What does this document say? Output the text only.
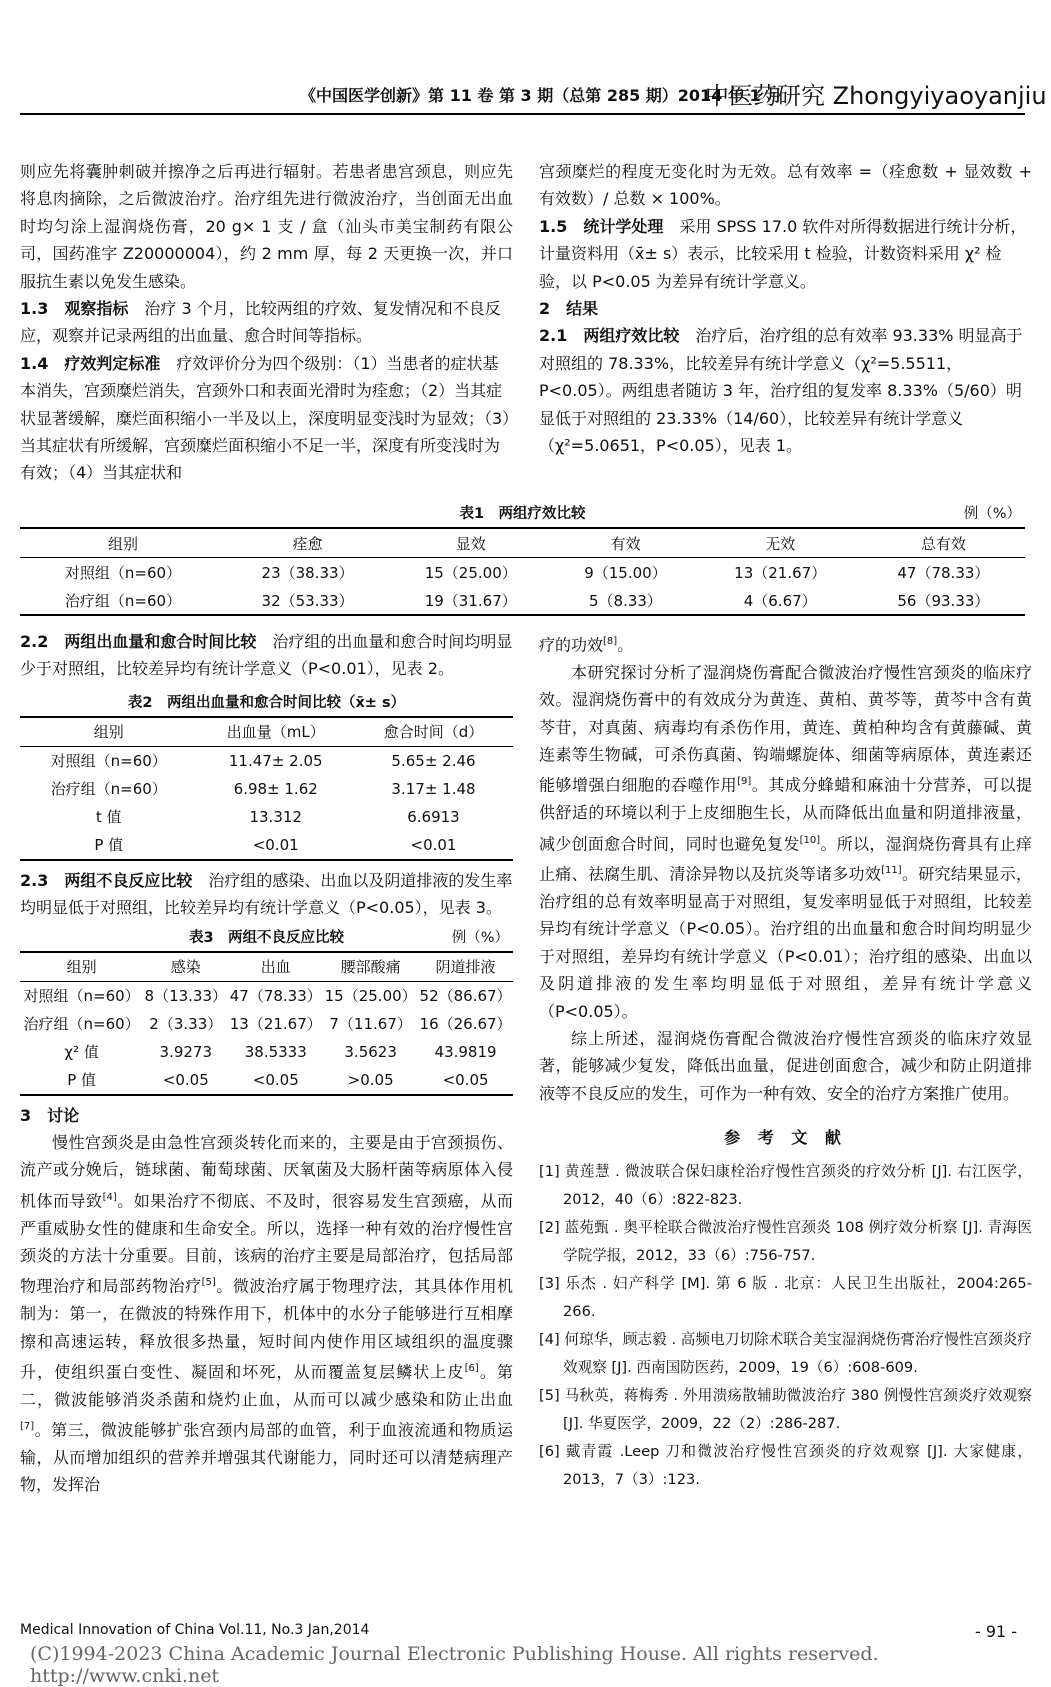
《中国医学创新》第 11 卷 第 3 期（总第 285 期）2014 年 1 月
中医药研究 Zhongyiyaoyanjiu

则应先将囊肿刺破并擦净之后再进行辐射。若患者患宫颈息，则应先将息肉摘除，之后微波治疗。治疗组先进行微波治疗，当创面无出血时均匀涂上湿润烧伤膏，20 g× 1 支 / 盒（汕头市美宝制药有限公司，国药准字 Z20000004），约 2 mm 厚，每 2 天更换一次，并口服抗生素以免发生感染。

1.3　观察指标　治疗 3 个月，比较两组的疗效、复发情况和不良反应，观察并记录两组的出血量、愈合时间等指标。
1.4　疗效判定标准　疗效评价分为四个级别：（1）当患者的症状基本消失，宫颈糜烂消失，宫颈外口和表面光滑时为痊愈；（2）当其症状显著缓解，糜烂面积缩小一半及以上，深度明显变浅时为显效；（3）当其症状有所缓解，宫颈糜烂面积缩小不足一半，深度有所变浅时为有效；（4）当其症状和

宫颈糜烂的程度无变化时为无效。总有效率 =（痊愈数 + 显效数 + 有效数）/ 总数 × 100%。

1.5　统计学处理　采用 SPSS 17.0 软件对所得数据进行统计分析，计量资料用（x̄± s）表示，比较采用 t 检验，计数资料采用 χ² 检验，以 P<0.05 为差异有统计学意义。
2　结果
2.1　两组疗效比较　治疗后，治疗组的总有效率 93.33% 明显高于对照组的 78.33%，比较差异有统计学意义（χ²=5.5511，P<0.05）。两组患者随访 3 年，治疗组的复发率 8.33%（5/60）明显低于对照组的 23.33%（14/60），比较差异有统计学意义（χ²=5.0651，P<0.05），见表 1。
表1　两组疗效比较	例（%）
组别	痊愈	显效	有效	无效	总有效
对照组（n=60）	23（38.33）	15（25.00）	9（15.00）	13（21.67）	47（78.33）
治疗组（n=60）	32（53.33）	19（31.67）	5（8.33）	4（6.67）	56（93.33）
2.2　两组出血量和愈合时间比较　治疗组的出血量和愈合时间均明显少于对照组，比较差异均有统计学意义（P<0.01），见表 2。
表2　两组出血量和愈合时间比较（x̄± s）
组别	出血量（mL）	愈合时间（d）
对照组（n=60）	11.47± 2.05	5.65± 2.46
治疗组（n=60）	6.98± 1.62	3.17± 1.48
t 值	13.312	6.6913
P 值	<0.01	<0.01
2.3　两组不良反应比较　治疗组的感染、出血以及阴道排液的发生率均明显低于对照组，比较差异均有统计学意义（P<0.05），见表 3。
表3　两组不良反应比较	例（%）
组别	感染	出血	腰部酸痛	阴道排液
对照组（n=60）	8（13.33）	47（78.33）	15（25.00）	52（86.67）
治疗组（n=60）	2（3.33）	13（21.67）	7（11.67）	16（26.67）
χ² 值	3.9273	38.5333	3.5623	43.9819
P 值	<0.05	<0.05	>0.05	<0.05
3　讨论

慢性宫颈炎是由急性宫颈炎转化而来的，主要是由于宫颈损伤、流产或分娩后，链球菌、葡萄球菌、厌氧菌及大肠杆菌等病原体入侵机体而导致[4]。如果治疗不彻底、不及时，很容易发生宫颈癌，从而严重威胁女性的健康和生命安全。所以，选择一种有效的治疗慢性宫颈炎的方法十分重要。目前，该病的治疗主要是局部治疗，包括局部物理治疗和局部药物治疗[5]。微波治疗属于物理疗法，其具体作用机制为：第一，在微波的特殊作用下，机体中的水分子能够进行互相摩擦和高速运转，释放很多热量，短时间内使作用区域组织的温度骤升，使组织蛋白变性、凝固和坏死，从而覆盖复层鳞状上皮[6]。第二，微波能够消炎杀菌和烧灼止血，从而可以减少感染和防止出血[7]。第三，微波能够扩张宫颈内局部的血管，利于血液流通和物质运输，从而增加组织的营养并增强其代谢能力，同时还可以清楚病理产物，发挥治

疗的功效[8]。

本研究探讨分析了湿润烧伤膏配合微波治疗慢性宫颈炎的临床疗效。湿润烧伤膏中的有效成分为黄连、黄柏、黄芩等，黄芩中含有黄芩苷，对真菌、病毒均有杀伤作用，黄连、黄柏种均含有黄藤碱、黄连素等生物碱，可杀伤真菌、钩端螺旋体、细菌等病原体，黄连素还能够增强白细胞的吞噬作用[9]。其成分蜂蜡和麻油十分营养，可以提供舒适的环境以利于上皮细胞生长，从而降低出血量和阴道排液量，减少创面愈合时间，同时也避免复发[10]。所以，湿润烧伤膏具有止痒止痛、祛腐生肌、清涂异物以及抗炎等诸多功效[11]。研究结果显示，治疗组的总有效率明显高于对照组，复发率明显低于对照组，比较差异均有统计学意义（P<0.05）。治疗组的出血量和愈合时间均明显少于对照组，差异均有统计学意义（P<0.01）；治疗组的感染、出血以及阴道排液的发生率均明显低于对照组，差异有统计学意义（P<0.05）。

综上所述，湿润烧伤膏配合微波治疗慢性宫颈炎的临床疗效显著，能够减少复发，降低出血量，促进创面愈合，减少和防止阴道排液等不良反应的发生，可作为一种有效、安全的治疗方案推广使用。

参 考 文 献
[1] 黄莲慧 . 微波联合保妇康栓治疗慢性宫颈炎的疗效分析 [J]. 右江医学，2012，40（6）:822-823.
[2] 蓝苑甄 . 奥平栓联合微波治疗慢性宫颈炎 108 例疗效分析察 [J]. 青海医学院学报，2012，33（6）:756-757.
[3] 乐杰 . 妇产科学 [M]. 第 6 版 . 北京：人民卫生出版社，2004:265-266.
[4] 何琼华，顾志毅 . 高频电刀切除术联合美宝湿润烧伤膏治疗慢性宫颈炎疗效观察 [J]. 西南国防医药，2009，19（6）:608-609.
[5] 马秋英，蒋梅秀 . 外用溃疡散辅助微波治疗 380 例慢性宫颈炎疗效观察 [J]. 华夏医学，2009，22（2）:286-287.
[6] 戴青霞 .Leep 刀和微波治疗慢性宫颈炎的疗效观察 [J]. 大家健康，2013，7（3）:123.
Medical Innovation of China Vol.11, No.3 Jan,2014	- 91 -
(C)1994-2023 China Academic Journal Electronic Publishing House. All rights reserved. http://www.cnki.net
